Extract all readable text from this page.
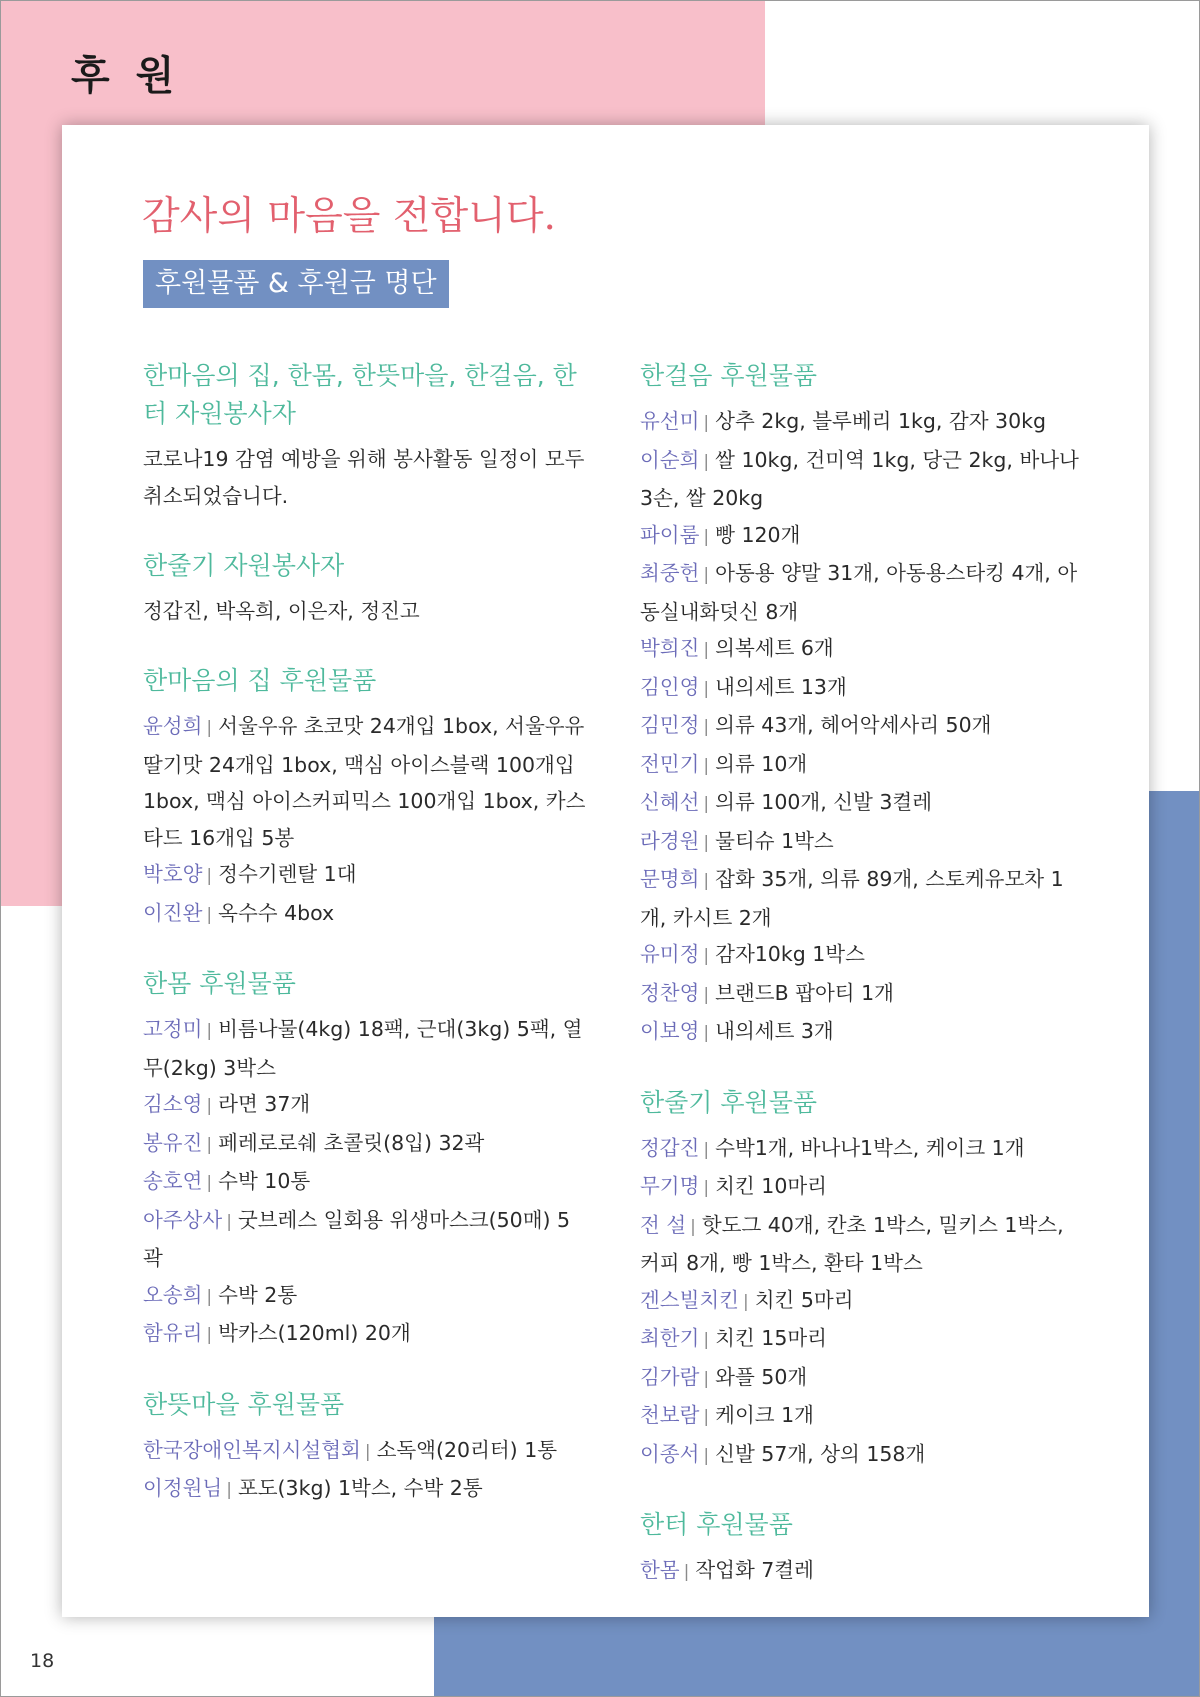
후 원
감사의 마음을 전합니다.
후원물품 & 후원금 명단
한마음의 집, 한몸, 한뜻마을, 한걸음, 한터 자원봉사자

코로나19 감염 예방을 위해 봉사활동 일정이 모두 취소되었습니다.

한줄기 자원봉사자

정갑진, 박옥희, 이은자, 정진고

한마음의 집 후원물품

윤성희 | 서울우유 초코맛 24개입 1box, 서울우유 딸기맛 24개입 1box, 맥심 아이스블랙 100개입 1box, 맥심 아이스커피믹스 100개입 1box, 카스타드 16개입 5봉

박호양 | 정수기렌탈 1대

이진완 | 옥수수 4box

한몸 후원물품

고정미 | 비름나물(4kg) 18팩, 근대(3kg) 5팩, 열무(2kg) 3박스

김소영 | 라면 37개

봉유진 | 페레로로쉐 초콜릿(8입) 32곽

송호연 | 수박 10통

아주상사 | 굿브레스 일회용 위생마스크(50매) 5곽

오송희 | 수박 2통

함유리 | 박카스(120ml) 20개

한뜻마을 후원물품

한국장애인복지시설협회 | 소독액(20리터) 1통

이정원님 | 포도(3kg) 1박스, 수박 2통

한걸음 후원물품

유선미 | 상추 2kg, 블루베리 1kg, 감자 30kg

이순희 | 쌀 10kg, 건미역 1kg, 당근 2kg, 바나나 3손, 쌀 20kg

파이룸 | 빵 120개

최중헌 | 아동용 양말 31개, 아동용스타킹 4개, 아동실내화덧신 8개

박희진 | 의복세트 6개

김인영 | 내의세트 13개

김민정 | 의류 43개, 헤어악세사리 50개

전민기 | 의류 10개

신혜선 | 의류 100개, 신발 3켤레

라경원 | 물티슈 1박스

문명희 | 잡화 35개, 의류 89개, 스토케유모차 1개, 카시트 2개

유미정 | 감자10kg 1박스

정찬영 | 브랜드B 팝아티 1개

이보영 | 내의세트 3개

한줄기 후원물품

정갑진 | 수박1개, 바나나1박스, 케이크 1개

무기명 | 치킨 10마리

전 설 | 핫도그 40개, 칸초 1박스, 밀키스 1박스, 커피 8개, 빵 1박스, 환타 1박스

겐스빌치킨 | 치킨 5마리

최한기 | 치킨 15마리

김가람 | 와플 50개

천보람 | 케이크 1개

이종서 | 신발 57개, 상의 158개

한터 후원물품

한몸 | 작업화 7켤레

18
